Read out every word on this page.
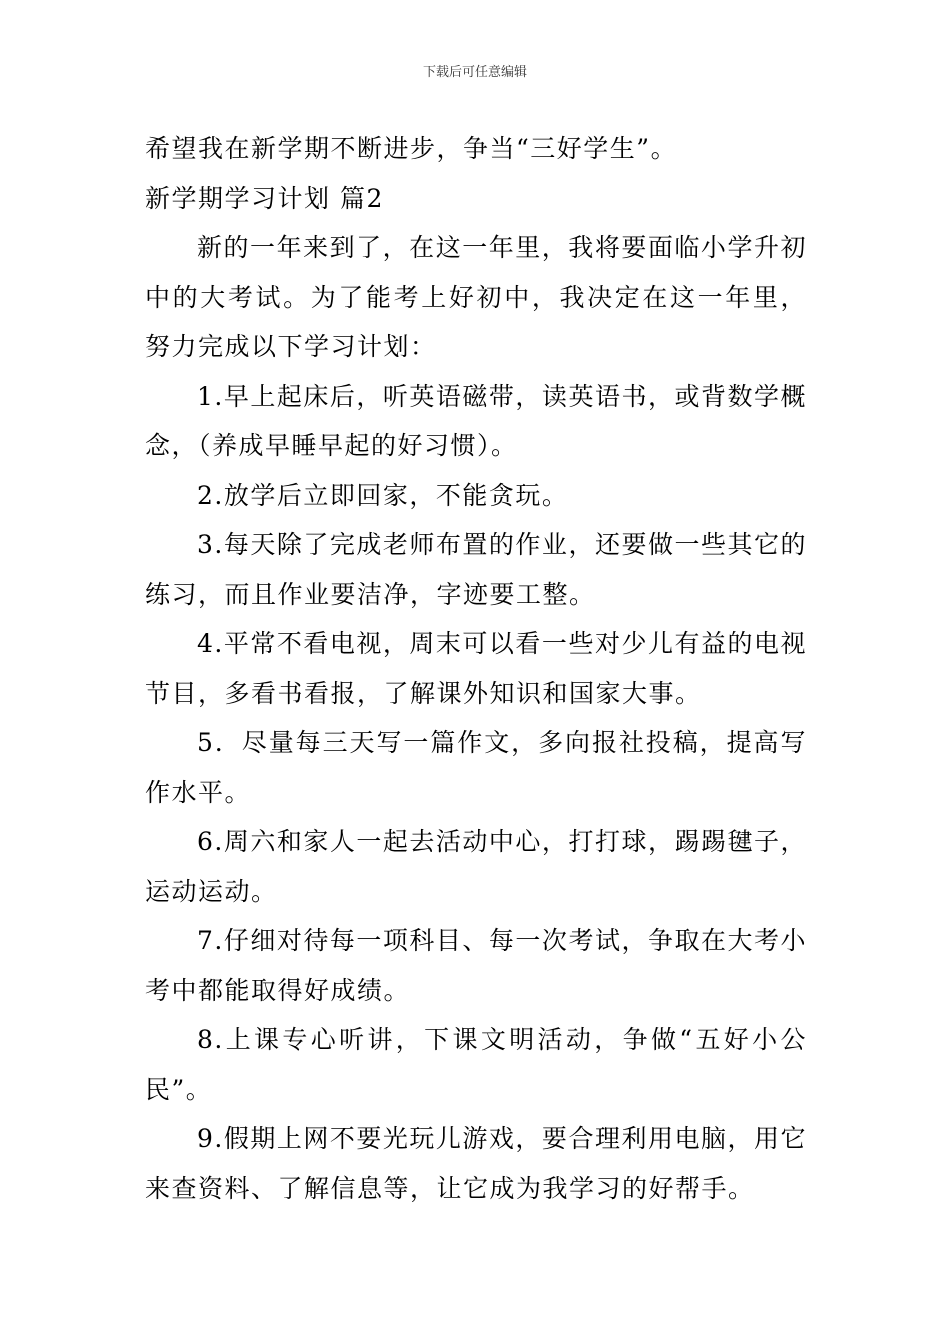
下载后可任意编辑

希望我在新学期不断进步，争当“三好学生”。

新学期学习计划 篇2

新的一年来到了，在这一年里，我将要面临小学升初中的大考试。为了能考上好初中，我决定在这一年里，努力完成以下学习计划：

1.早上起床后，听英语磁带，读英语书，或背数学概念，（养成早睡早起的好习惯）。

2.放学后立即回家，不能贪玩。

3.每天除了完成老师布置的作业，还要做一些其它的练习，而且作业要洁净，字迹要工整。

4.平常不看电视，周末可以看一些对少儿有益的电视节目，多看书看报，了解课外知识和国家大事。

5．尽量每三天写一篇作文，多向报社投稿，提高写作水平。

6.周六和家人一起去活动中心，打打球，踢踢毽子，运动运动。

7.仔细对待每一项科目、每一次考试，争取在大考小考中都能取得好成绩。

8.上课专心听讲，下课文明活动，争做“五好小公民”。

9.假期上网不要光玩儿游戏，要合理利用电脑，用它来查资料、了解信息等，让它成为我学习的好帮手。
